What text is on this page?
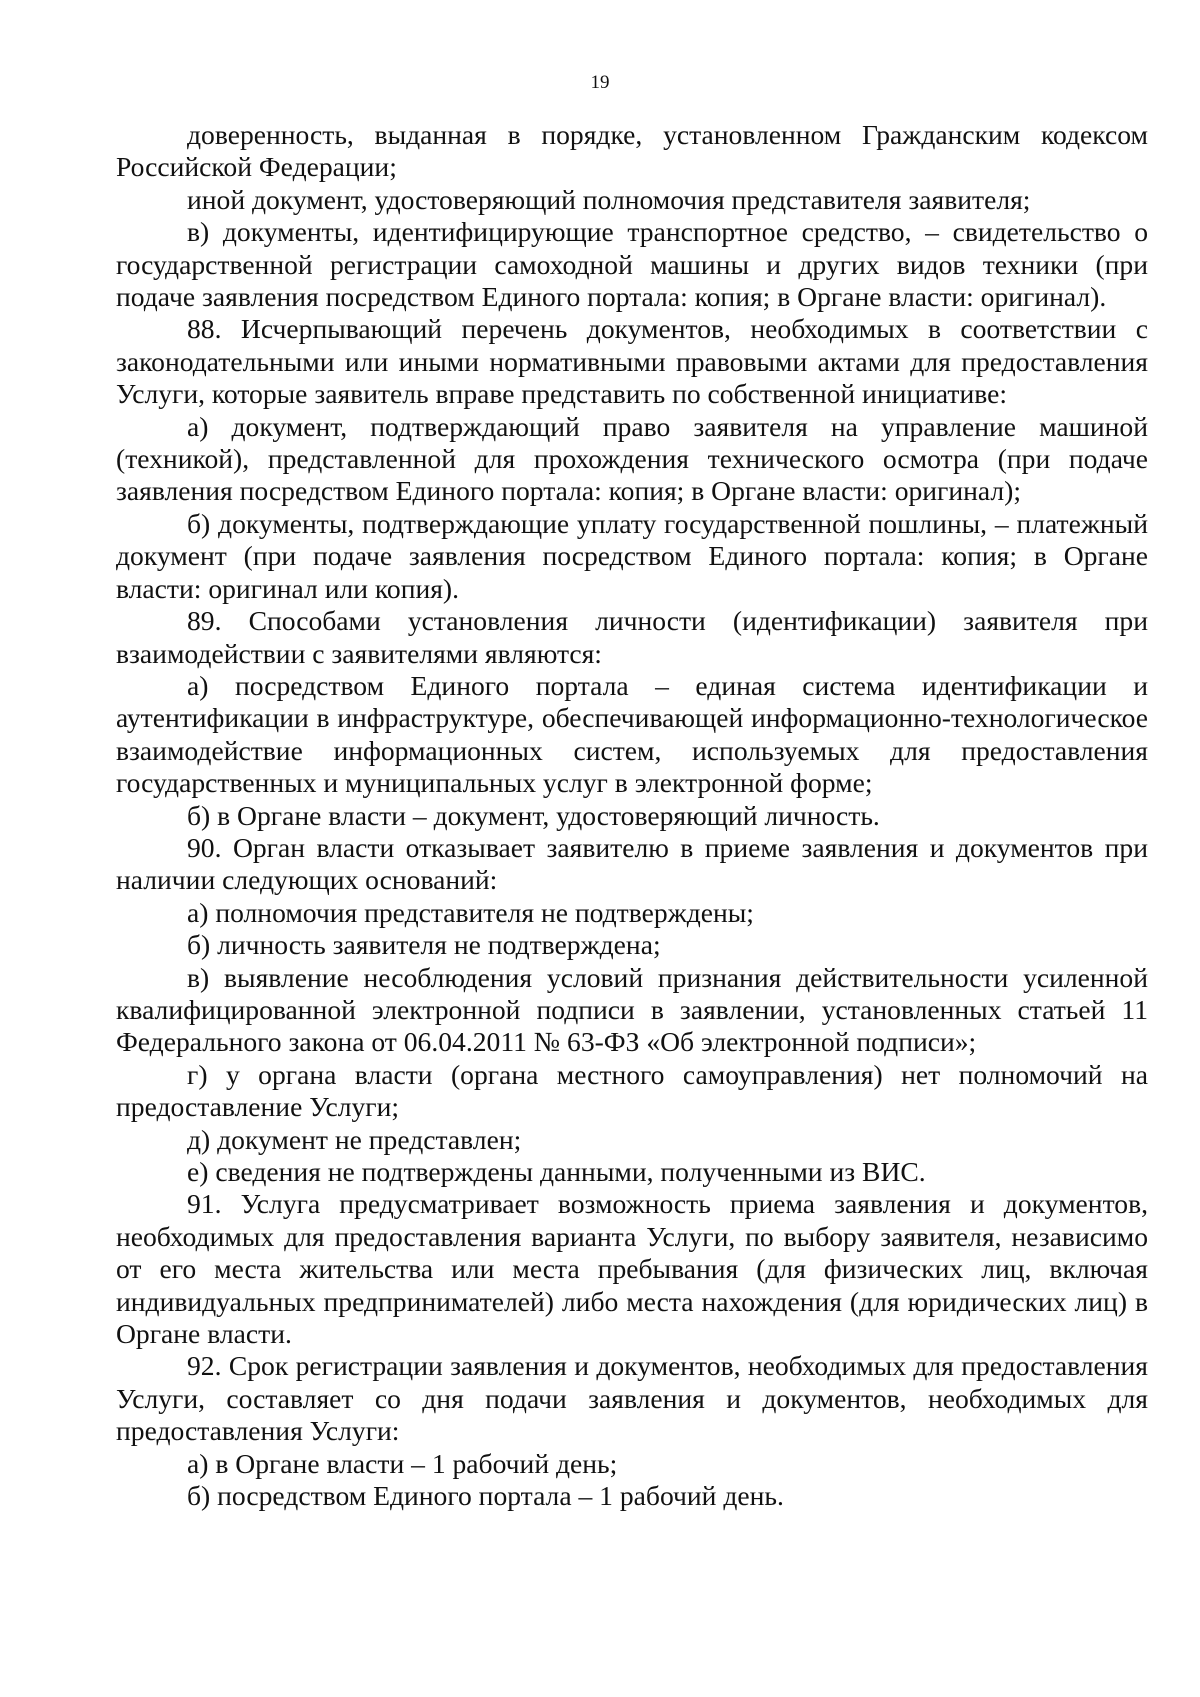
19

доверенность, выданная в порядке, установленном Гражданским кодексом Российской Федерации;

иной документ, удостоверяющий полномочия представителя заявителя;

в) документы, идентифицирующие транспортное средство, – свидетельство о государственной регистрации самоходной машины и других видов техники (при подаче заявления посредством Единого портала: копия; в Органе власти: оригинал).

88. Исчерпывающий перечень документов, необходимых в соответствии с законодательными или иными нормативными правовыми актами для предоставления Услуги, которые заявитель вправе представить по собственной инициативе:

а) документ, подтверждающий право заявителя на управление машиной (техникой), представленной для прохождения технического осмотра (при подаче заявления посредством Единого портала: копия; в Органе власти: оригинал);

б) документы, подтверждающие уплату государственной пошлины, – платежный документ (при подаче заявления посредством Единого портала: копия; в Органе власти: оригинал или копия).

89. Способами установления личности (идентификации) заявителя при взаимодействии с заявителями являются:

а) посредством Единого портала – единая система идентификации и аутентификации в инфраструктуре, обеспечивающей информационно-технологическое взаимодействие информационных систем, используемых для предоставления государственных и муниципальных услуг в электронной форме;

б) в Органе власти – документ, удостоверяющий личность.

90. Орган власти отказывает заявителю в приеме заявления и документов при наличии следующих оснований:

а) полномочия представителя не подтверждены;

б) личность заявителя не подтверждена;

в) выявление несоблюдения условий признания действительности усиленной квалифицированной электронной подписи в заявлении, установленных статьей 11 Федерального закона от 06.04.2011 № 63-ФЗ «Об электронной подписи»;

г) у органа власти (органа местного самоуправления) нет полномочий на предоставление Услуги;

д) документ не представлен;

е) сведения не подтверждены данными, полученными из ВИС.

91. Услуга предусматривает возможность приема заявления и документов, необходимых для предоставления варианта Услуги, по выбору заявителя, независимо от его места жительства или места пребывания (для физических лиц, включая индивидуальных предпринимателей) либо места нахождения (для юридических лиц) в Органе власти.

92. Срок регистрации заявления и документов, необходимых для предоставления Услуги, составляет со дня подачи заявления и документов, необходимых для предоставления Услуги:

а) в Органе власти – 1 рабочий день;

б) посредством Единого портала – 1 рабочий день.
